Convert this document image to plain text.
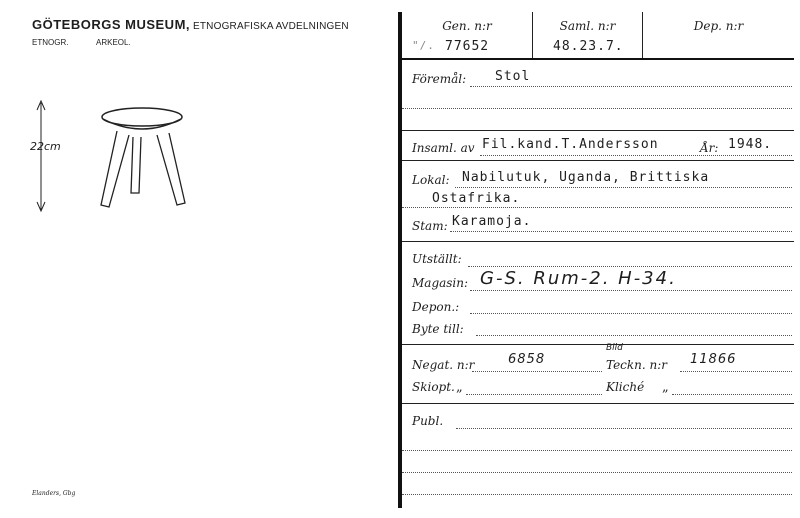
GÖTEBORGS MUSEUM, ETNOGRAFISKA AVDELNINGEN
ETNOGR.	ARKEOL.
22cm
Elanders, Gbg
Gen. n:r	Saml. n:r	Dep. n:r
"/. 77652	48.23.7.
Föremål: Stol
Insaml. av Fil.kand.T.Andersson	År: 1948.
Lokal: Nabilutuk, Uganda, Brittiska
Ostafrika.
Stam: Karamoja.
Utställt:
Magasin: G-S. Rum-2. H-34.
Depon.:
Byte till:
Negat. n:r	6858
Bild
Teckn. n:r 11866
Skiopt. „	Kliché „
Publ.
